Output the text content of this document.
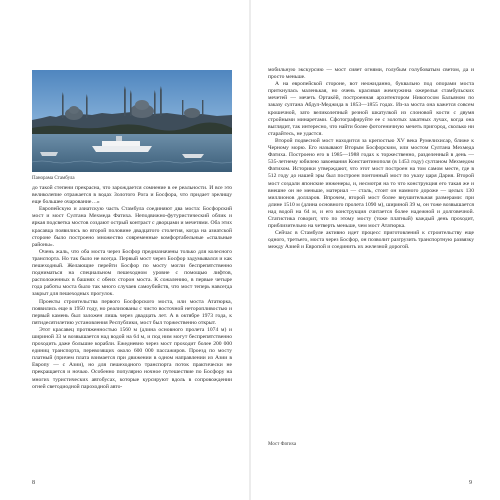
Панорама Стамбула

до такой степени прекрасна, что зарождается сомнение в ее реальности. И все это великолепие отражается в водах Золотого Рога и Босфора, что придает зрелищу еще большее очарование…»

Европейскую и азиатскую часть Стамбула соединяют два моста: Босфорский мост и мост Султана Мехмеда Фатиха. Неподвижно-футуристический облик и яркая подсветка мостов создают острый контраст с дворцами и мечетями. Оба этих красавца появились во второй половине двадцатого столетия, когда на азиатской стороне было построено множество современные комфортабельные «спальные районы».

Очень жаль, что оба моста через Босфор предназначены только для колесного транспорта. Но так было не всегда. Первый мост через Босфор задумывался и как пешеходный. Желающие перейти Босфор по мосту могли беспрепятственно подниматься на специальном пешеходном уровне с помощью лифтов, расположенных в башнях с обеих сторон моста. К сожалению, в первые четыре года работы моста было так много случаев самоубийств, что мост теперь навсегда закрыт для пешеходных прогулок.

Проекты строительства первого Босфорского моста, или моста Ататюрка, появились еще в 1950 году, но реализованы с чисто восточной неторопливостью и первый камень был заложен лишь через двадцать лет. А в октябре 1973 года, к пятидесятилетию установления Республики, мост был торжественно открыт.

Этот красавец протяженностью 1560 м (длина основного пролета 1074 м) и шириной 33 м возвышается над водой на 64 м, и под ним могут беспрепятственно проходить даже большие корабли. Ежедневно через мост проходит более 200 000 единиц транспорта, перевозящих около 600 000 пассажиров. Проезд по мосту платный (причем плата взимается при движении в одном направлении из Азии в Европу — с Азии), но для пешеходного транспорта поток практически не прекращается и ночью. Особенно популярно ночное путешествие по Босфору на многих туристических автобусах, которые курсируют вдоль в сопровождении огней светодиодной пароходной авто-

8

мобильную экскурсию — мост сияет огнями, голубым голубоватым светом, да и просто меньше.

А на европейской стороне, вот неожиданно, буквально под опорами моста приткнулась маленькая, но очень красивая жемчужина ожерелья стамбульских мечетей — мечеть Ортакёй, построенная архитектором Никогосом Бальяном по заказу султана Абдул-Меджида в 1853—1855 годах. Из-за моста она кажется совсем крошечной, зато великолепный резной шкатулкой из слоновой кости с двумя стройными минаретами. Сфотографируйте ее с золотых закатных лучах, когда она выглядит, так интересно, что найти более фотогеничную мечеть пригород, сколько ни старайтесь, не удастся.

Второй подвесной мост находится за крепостью XV века Румелихисар, ближе к Черному морю. Его называют Вторым Босфорским, или мостом Султана Мехмеда Фатиха. Построено его в 1985—1988 годах к торжественно, разделенный в день — 535-летнему юбилею завоевания Константинополя (в 1453 году) султаном Мехмедом Фатихом. Историки утверждают, что этот мост построен на том самом месте, где в 512 году до нашей эры был построен понтонный мост по указу царя Дария. Второй мост создали японские инженеры, и, несмотря на то что конструкция его такая же и внешне он не меньше, материал — сталь, стоит он намного дороже — целых 130 миллионов долларов. Впрочем, второй мост более внушительная размерами: при длине 1510 м (длина основного пролета 1090 м), шириной 39 м, он тоже возвышается над водой на 64 м, и его конструкция считается более надежной и долговечной. Статистика говорит, что по этому мосту (тоже платный) каждый день проходит, приблизительно на четверть меньше, чем мост Ататюрка.

Сейчас в Стамбуле активно идет процесс приготовлений к строительству еще одного, третьего, моста через Босфор, он позволит разгрузить транспортную развязку между Азией и Европой и соединить их железной дорогой.

Мост Фатиха
9
